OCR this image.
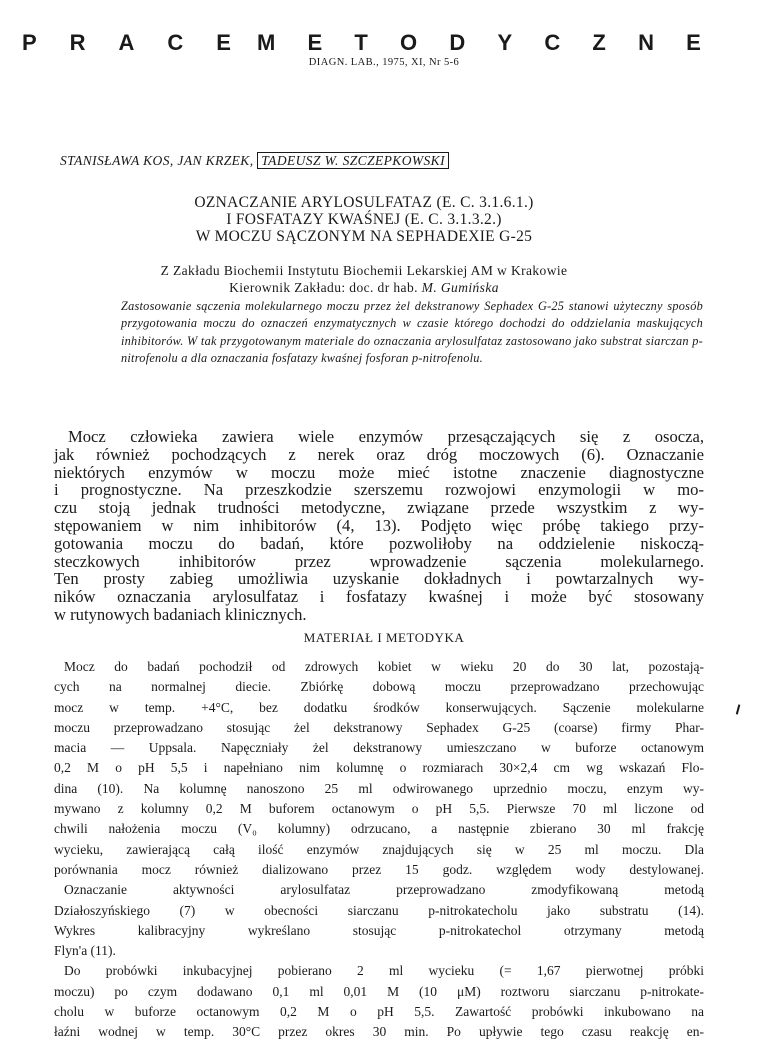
P R A C E M E T O D Y C Z N E
DIAGN. LAB., 1975, XI, Nr 5-6
STANISŁAWA KOS, JAN KRZEK, TADEUSZ W. SZCZEPKOWSKI
OZNACZANIE ARYLOSULFATAZ (E. C. 3.1.6.1.)
I FOSFATAZY KWAŚNEJ (E. C. 3.1.3.2.)
W MOCZU SĄCZONYM NA SEPHADEXIE G-25
Z Zakładu Biochemii Instytutu Biochemii Lekarskiej AM w Krakowie
Kierownik Zakładu: doc. dr hab. M. Gumińska
Zastosowanie sączenia molekularnego moczu przez żel dekstranowy Sephadex G-25 stanowi użyteczny sposób przygotowania moczu do oznaczeń enzymatycznych w czasie którego dochodzi do oddzielania maskujących inhibitorów. W tak przygotowanym materiale do oznaczania arylosulfataz zastosowano jako substrat siarczan p-nitrofenolu a dla oznaczania fosfatazy kwaśnej fosforan p-nitrofenolu.
Mocz człowieka zawiera wiele enzymów przesączających się z osocza,
jak również pochodzących z nerek oraz dróg moczowych (6). Oznaczanie
niektórych enzymów w moczu może mieć istotne znaczenie diagnostyczne
i prognostyczne. Na przeszkodzie szerszemu rozwojowi enzymologii w mo-
czu stoją jednak trudności metodyczne, związane przede wszystkim z wy-
stępowaniem w nim inhibitorów (4, 13). Podjęto więc próbę takiego przy-
gotowania moczu do badań, które pozwoliłoby na oddzielenie niskoczą-
steczkowych inhibitorów przez wprowadzenie sączenia molekularnego.
Ten prosty zabieg umożliwia uzyskanie dokładnych i powtarzalnych wy-
ników oznaczania arylosulfataz i fosfatazy kwaśnej i może być stosowany
w rutynowych badaniach klinicznych.
MATERIAŁ I METODYKA
Mocz do badań pochodził od zdrowych kobiet w wieku 20 do 30 lat, pozostają-
cych na normalnej diecie. Zbiórkę dobową moczu przeprowadzano przechowując
mocz w temp. +4°C, bez dodatku środków konserwujących. Sączenie molekularne
moczu przeprowadzano stosując żel dekstranowy Sephadex G-25 (coarse) firmy Phar-
macia — Uppsala. Napęczniały żel dekstranowy umieszczano w buforze octanowym
0,2 M o pH 5,5 i napełniano nim kolumnę o rozmiarach 30×2,4 cm wg wskazań Flo-
dina (10). Na kolumnę nanoszono 25 ml odwirowanego uprzednio moczu, enzym wy-
mywano z kolumny 0,2 M buforem octanowym o pH 5,5. Pierwsze 70 ml liczone od
chwili nałożenia moczu (V₀ kolumny) odrzucano, a następnie zbierano 30 ml frakcję
wycieku, zawierającą całą ilość enzymów znajdujących się w 25 ml moczu. Dla
porównania mocz również dializowano przez 15 godz. względem wody destylowanej.
Oznaczanie aktywności arylosulfataz przeprowadzano zmodyfikowaną metodą
Działoszyńskiego (7) w obecności siarczanu p-nitrokatecholu jako substratu (14).
Wykres kalibracyjny wykreślano stosując p-nitrokatechol otrzymany metodą
Flyn'a (11).
Do probówki inkubacyjnej pobierano 2 ml wycieku (= 1,67 pierwotnej próbki
moczu) po czym dodawano 0,1 ml 0,01 M (10 μM) roztworu siarczanu p-nitrokate-
cholu w buforze octanowym 0,2 M o pH 5,5. Zawartość probówki inkubowano na
łaźni wodnej w temp. 30°C przez okres 30 min. Po upływie tego czasu reakcję en-
